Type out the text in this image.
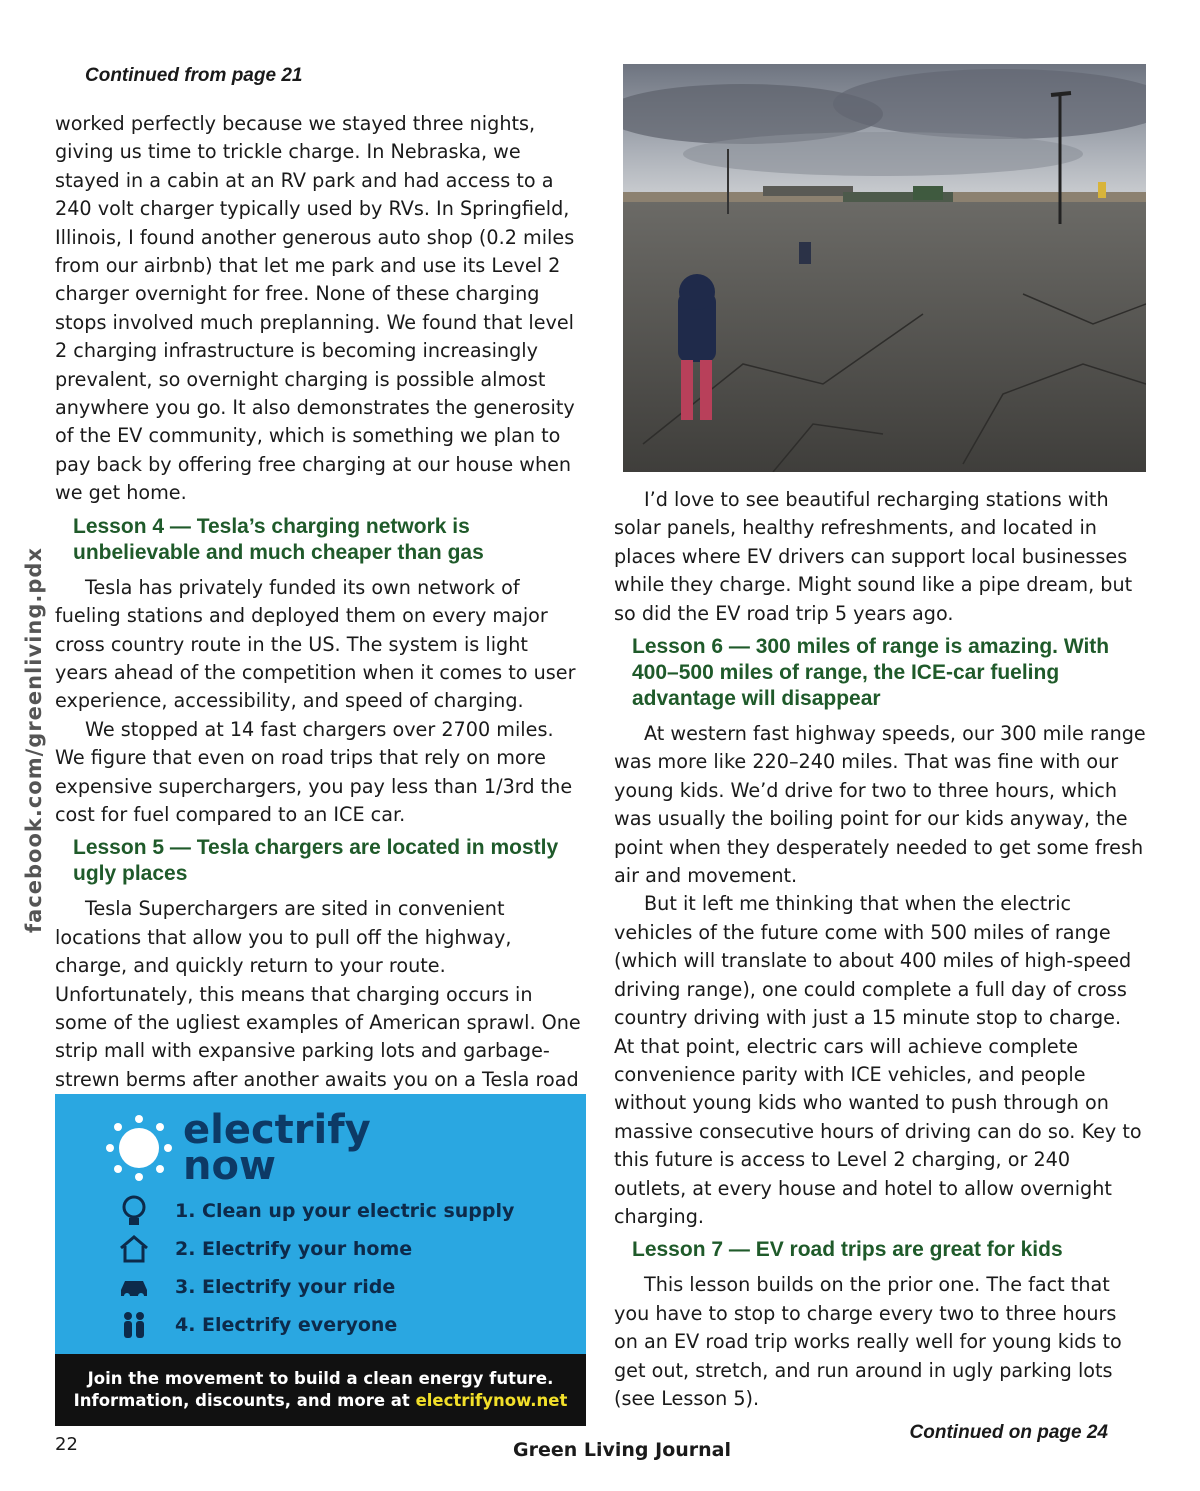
facebook.com/greenliving.pdx

Continued from page 21

worked perfectly because we stayed three nights, giving us time to trickle charge. In Nebraska, we stayed in a cabin at an RV park and had access to a 240 volt charger typically used by RVs. In Springfield, Illinois, I found another generous auto shop (0.2 miles from our airbnb) that let me park and use its Level 2 charger overnight for free. None of these charging stops involved much preplanning. We found that level 2 charging infrastructure is becoming increasingly prevalent, so overnight charging is possible almost anywhere you go. It also demonstrates the generosity of the EV community, which is something we plan to pay back by offering free charging at our house when we get home.

Lesson 4 — Tesla’s charging network is unbelievable and much cheaper than gas

Tesla has privately funded its own network of fueling stations and deployed them on every major cross country route in the US. The system is light years ahead of the competition when it comes to user experience, accessibility, and speed of charging.

We stopped at 14 fast chargers over 2700 miles. We figure that even on road trips that rely on more expensive superchargers, you pay less than 1/3rd the cost for fuel compared to an ICE car.

Lesson 5 — Tesla chargers are located in mostly ugly places

Tesla Superchargers are sited in convenient locations that allow you to pull off the highway, charge, and quickly return to your route. Unfortunately, this means that charging occurs in some of the ugliest examples of American sprawl. One strip mall with expansive parking lots and garbage-strewn berms after another awaits you on a Tesla road

I’d love to see beautiful recharging stations with solar panels, healthy refreshments, and located in places where EV drivers can support local businesses while they charge. Might sound like a pipe dream, but so did the EV road trip 5 years ago.

Lesson 6 — 300 miles of range is amazing. With 400–500 miles of range, the ICE-car fueling advantage will disappear

At western fast highway speeds, our 300 mile range was more like 220–240 miles. That was fine with our young kids. We’d drive for two to three hours, which was usually the boiling point for our kids anyway, the point when they desperately needed to get some fresh air and movement.

But it left me thinking that when the electric vehicles of the future come with 500 miles of range (which will translate to about 400 miles of high-speed driving range), one could complete a full day of cross country driving with just a 15 minute stop to charge. At that point, electric cars will achieve complete convenience parity with ICE vehicles, and people without young kids who wanted to push through on massive consecutive hours of driving can do so. Key to this future is access to Level 2 charging, or 240 outlets, at every house and hotel to allow overnight charging.

Lesson 7 — EV road trips are great for kids

This lesson builds on the prior one. The fact that you have to stop to charge every two to three hours on an EV road trip works really well for young kids to get out, stretch, and run around in ugly parking lots (see Lesson 5).

Continued on page 24

electrify
now
1. Clean up your electric supply
2. Electrify your home
3. Electrify your ride
4. Electrify everyone
Join the movement to build a clean energy future.
Information, discounts, and more at electrifynow.net
22	Green Living Journal
